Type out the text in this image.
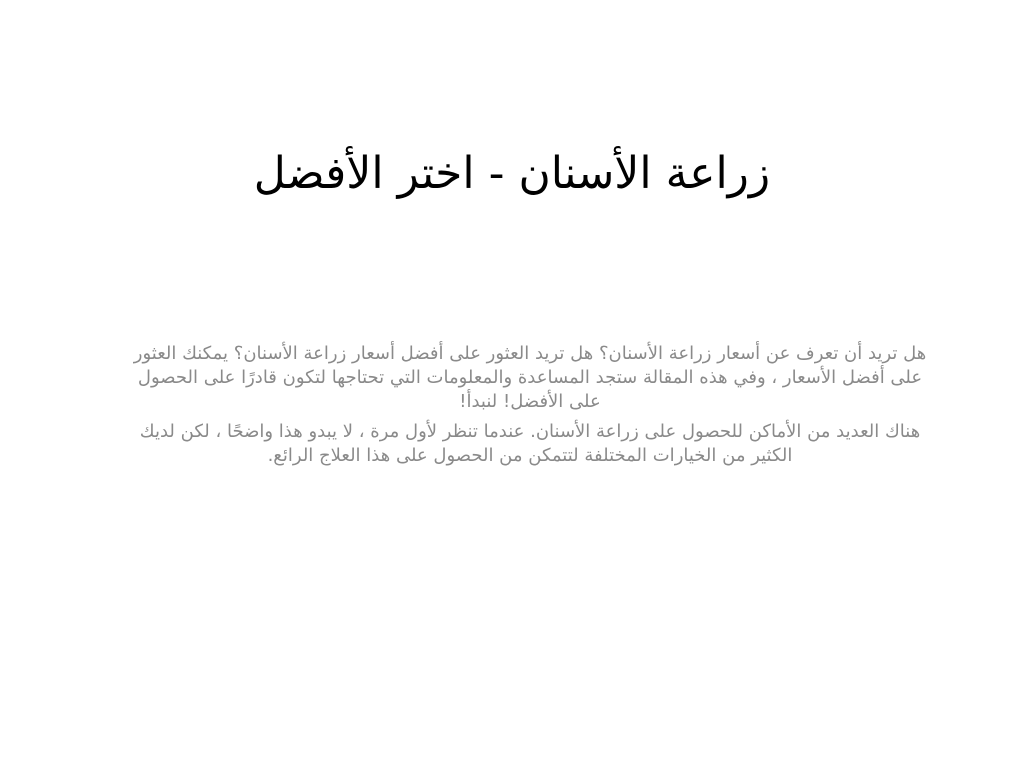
زراعة الأسنان - اختر الأفضل

هل تريد أن تعرف عن أسعار زراعة الأسنان؟ هل تريد العثور على أفضل أسعار زراعة الأسنان؟ يمكنك العثور على أفضل الأسعار ، وفي هذه المقالة ستجد المساعدة والمعلومات التي تحتاجها لتكون قادرًا على الحصول على الأفضل! لنبدأ!

هناك العديد من الأماكن للحصول على زراعة الأسنان. عندما تنظر لأول مرة ، لا يبدو هذا واضحًا ، لكن لديك الكثير من الخيارات المختلفة لتتمكن من الحصول على هذا العلاج الرائع.
